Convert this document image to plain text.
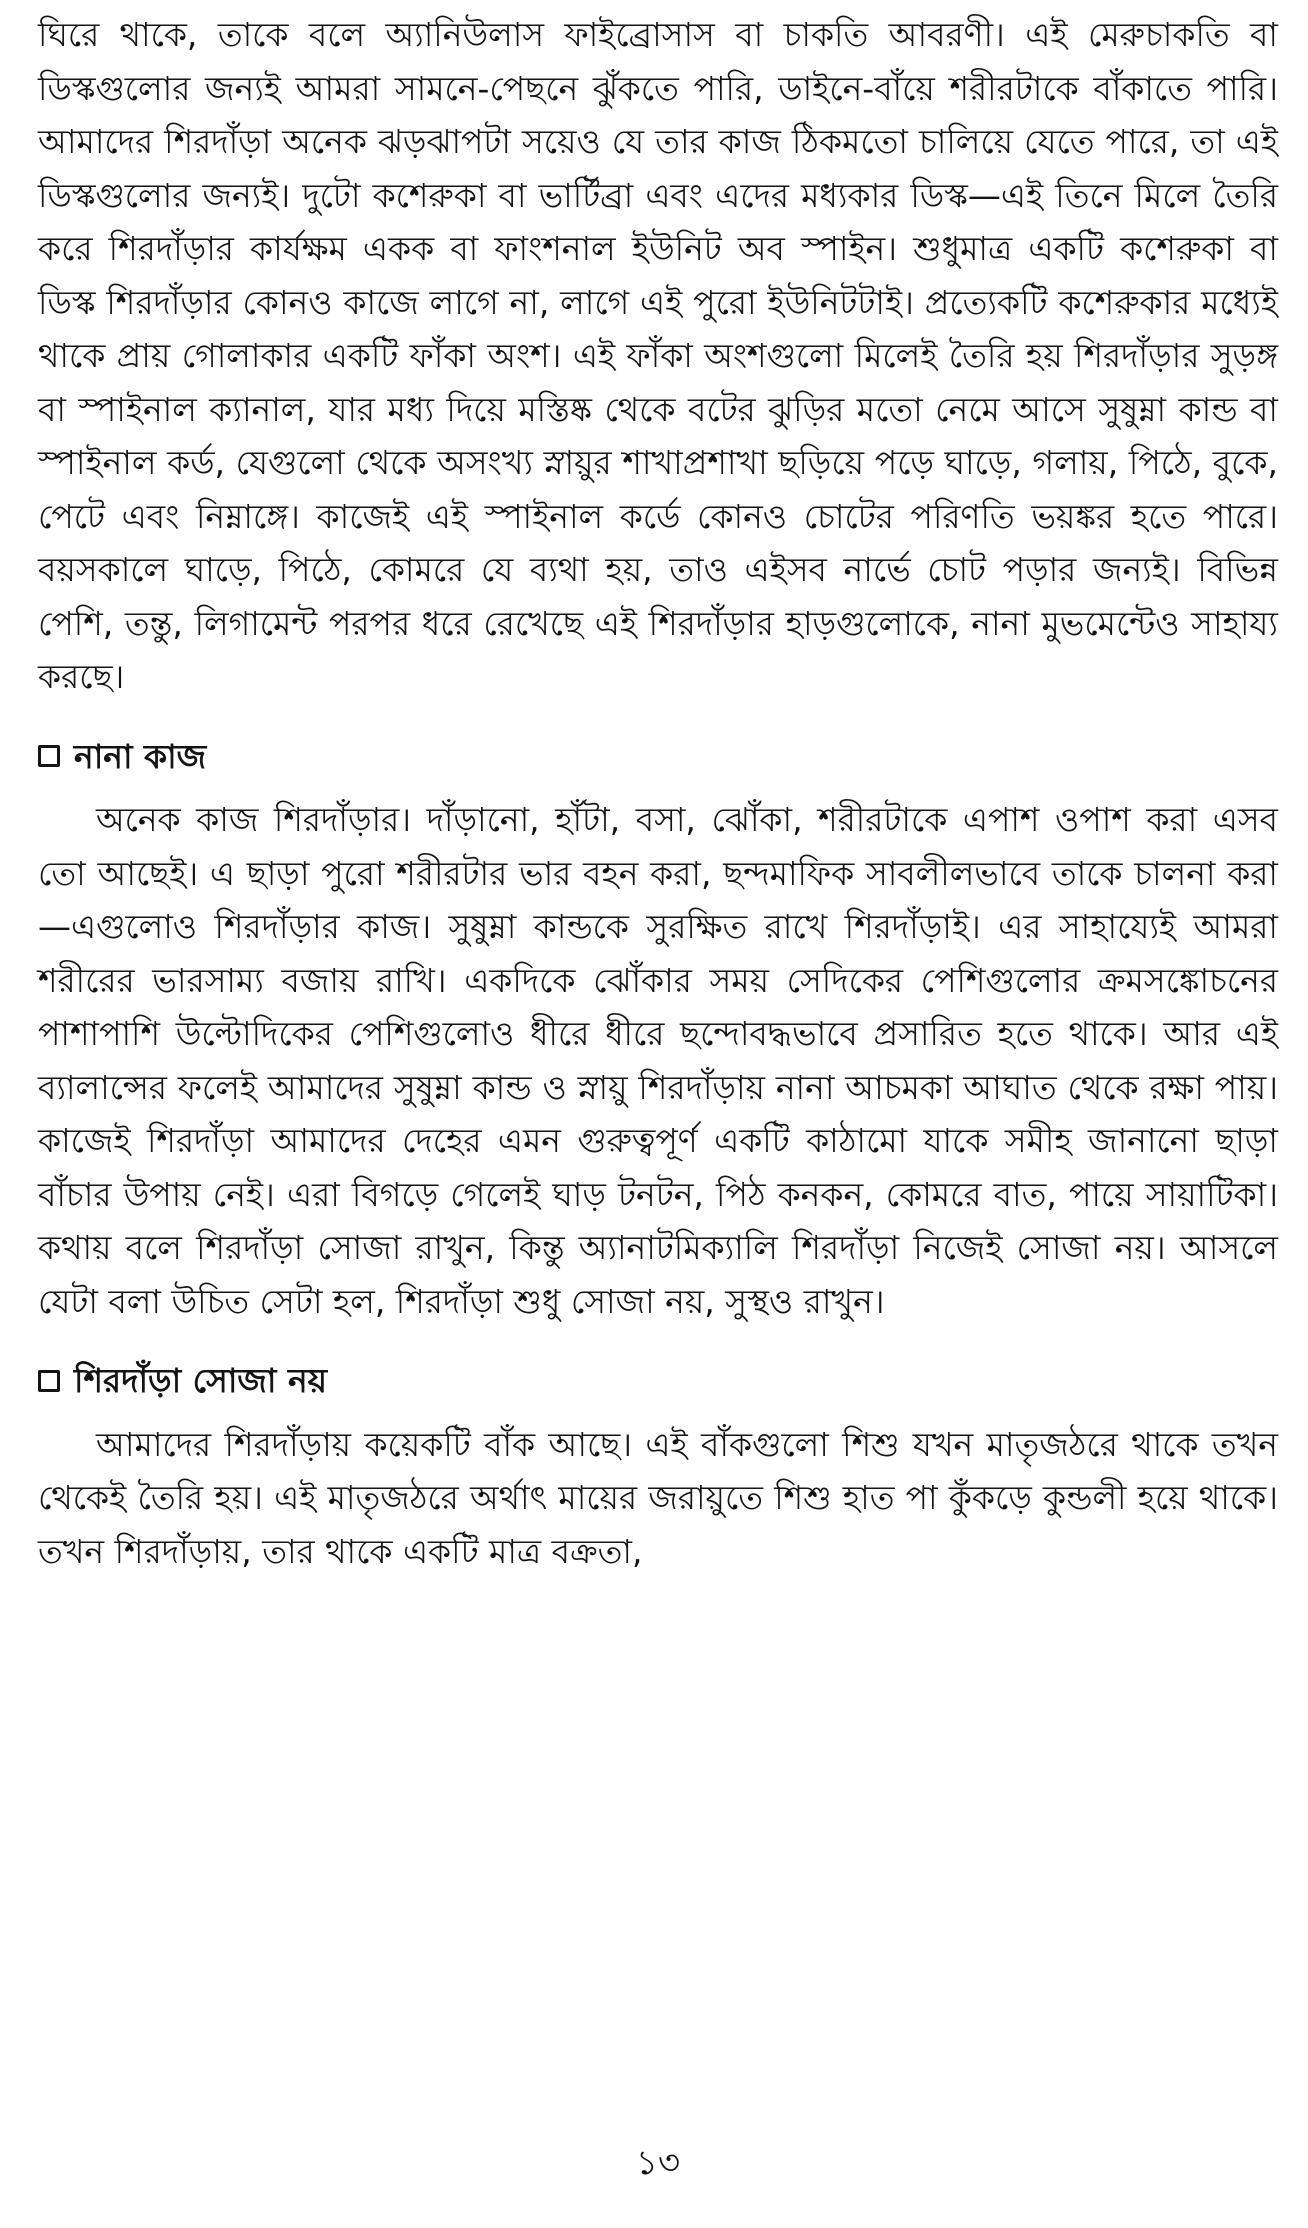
ঘিরে থাকে, তাকে বলে অ্যানিউলাস ফাইব্রোসাস বা চাকতি আবরণী। এই মেরুচাকতি বা ডিস্কগুলোর জন্যই আমরা সামনে-পেছনে ঝুঁকতে পারি, ডাইনে-বাঁয়ে শরীরটাকে বাঁকাতে পারি। আমাদের শিরদাঁড়া অনেক ঝড়ঝাপটা সয়েও যে তার কাজ ঠিকমতো চালিয়ে যেতে পারে, তা এই ডিস্কগুলোর জন্যই। দুটো কশেরুকা বা ভার্টিব্রা এবং এদের মধ্যকার ডিস্ক—এই তিনে মিলে তৈরি করে শিরদাঁড়ার কার্যক্ষম একক বা ফাংশনাল ইউনিট অব স্পাইন। শুধুমাত্র একটি কশেরুকা বা ডিস্ক শিরদাঁড়ার কোনও কাজে লাগে না, লাগে এই পুরো ইউনিটটাই। প্রত্যেকটি কশেরুকার মধ্যেই থাকে প্রায় গোলাকার একটি ফাঁকা অংশ। এই ফাঁকা অংশগুলো মিলেই তৈরি হয় শিরদাঁড়ার সুড়ঙ্গ বা স্পাইনাল ক্যানাল, যার মধ্য দিয়ে মস্তিষ্ক থেকে বটের ঝুড়ির মতো নেমে আসে সুষুম্না কান্ড বা স্পাইনাল কর্ড, যেগুলো থেকে অসংখ্য স্নায়ুর শাখাপ্রশাখা ছড়িয়ে পড়ে ঘাড়ে, গলায়, পিঠে, বুকে, পেটে এবং নিম্নাঙ্গে। কাজেই এই স্পাইনাল কর্ডে কোনও চোটের পরিণতি ভয়ঙ্কর হতে পারে। বয়সকালে ঘাড়ে, পিঠে, কোমরে যে ব্যথা হয়, তাও এইসব নার্ভে চোট পড়ার জন্যই। বিভিন্ন পেশি, তন্তু, লিগামেন্ট পরপর ধরে রেখেছে এই শিরদাঁড়ার হাড়গুলোকে, নানা মুভমেন্টেও সাহায্য করছে।

নানা কাজ

অনেক কাজ শিরদাঁড়ার। দাঁড়ানো, হাঁটা, বসা, ঝোঁকা, শরীরটাকে এপাশ ওপাশ করা এসব তো আছেই। এ ছাড়া পুরো শরীরটার ভার বহন করা, ছন্দমাফিক সাবলীলভাবে তাকে চালনা করা—এগুলোও শিরদাঁড়ার কাজ। সুষুম্না কান্ডকে সুরক্ষিত রাখে শিরদাঁড়াই। এর সাহায্যেই আমরা শরীরের ভারসাম্য বজায় রাখি। একদিকে ঝোঁকার সময় সেদিকের পেশিগুলোর ক্রমসঙ্কোচনের পাশাপাশি উল্টোদিকের পেশিগুলোও ধীরে ধীরে ছন্দোবদ্ধভাবে প্রসারিত হতে থাকে। আর এই ব্যালান্সের ফলেই আমাদের সুষুম্না কান্ড ও স্নায়ু শিরদাঁড়ায় নানা আচমকা আঘাত থেকে রক্ষা পায়। কাজেই শিরদাঁড়া আমাদের দেহের এমন গুরুত্বপূর্ণ একটি কাঠামো যাকে সমীহ জানানো ছাড়া বাঁচার উপায় নেই। এরা বিগড়ে গেলেই ঘাড় টনটন, পিঠ কনকন, কোমরে বাত, পায়ে সায়াটিকা। কথায় বলে শিরদাঁড়া সোজা রাখুন, কিন্তু অ্যানাটমিক্যালি শিরদাঁড়া নিজেই সোজা নয়। আসলে যেটা বলা উচিত সেটা হল, শিরদাঁড়া শুধু সোজা নয়, সুস্থও রাখুন।

শিরদাঁড়া সোজা নয়

আমাদের শিরদাঁড়ায় কয়েকটি বাঁক আছে। এই বাঁকগুলো শিশু যখন মাতৃজঠরে থাকে তখন থেকেই তৈরি হয়। এই মাতৃজঠরে অর্থাৎ মায়ের জরায়ুতে শিশু হাত পা কুঁকড়ে কুন্ডলী হয়ে থাকে। তখন শিরদাঁড়ায়, তার থাকে একটি মাত্র বক্রতা,

১৩
